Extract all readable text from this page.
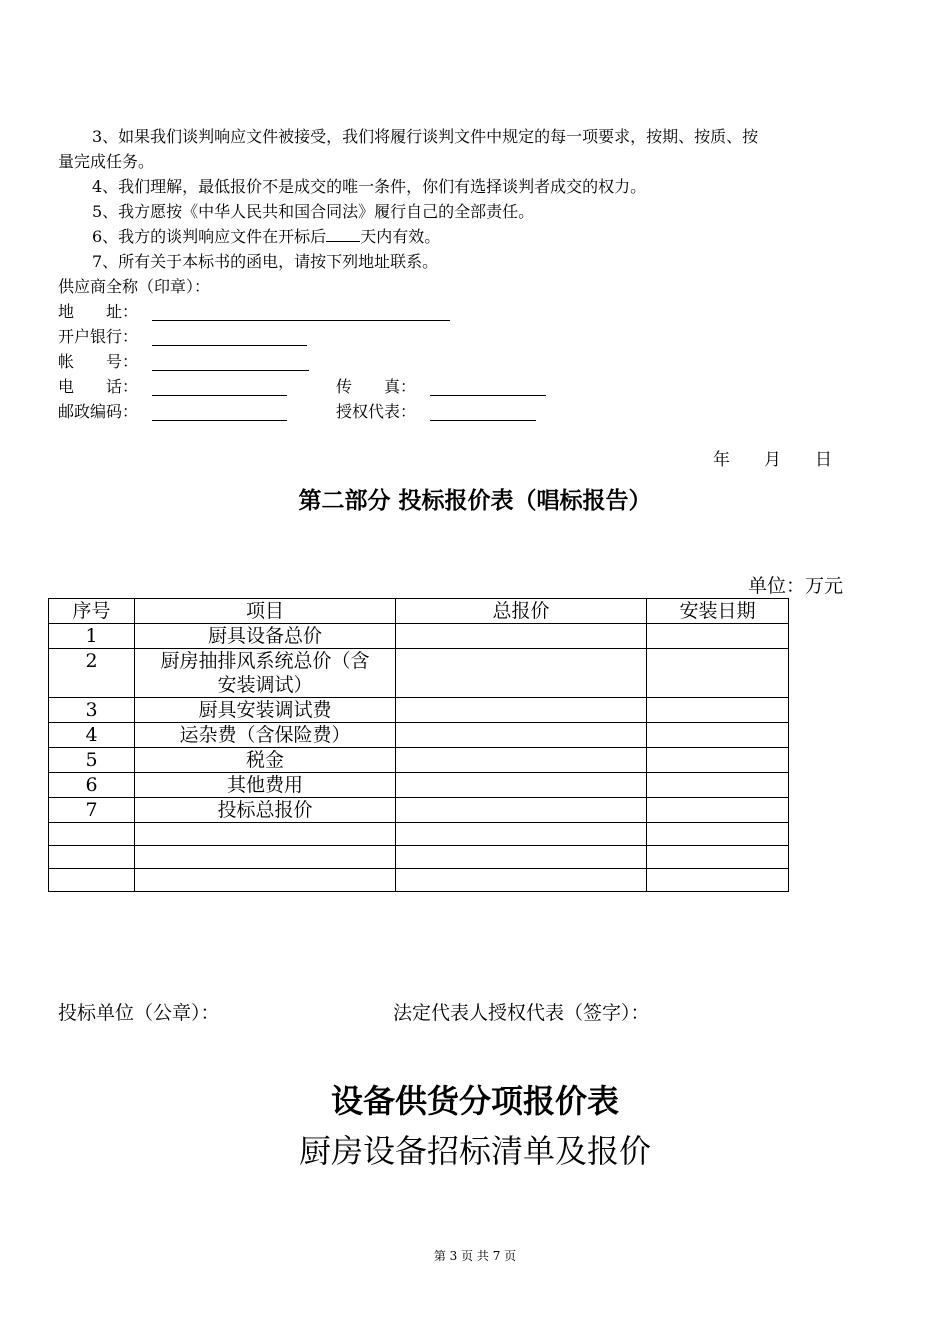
3、如果我们谈判响应文件被接受，我们将履行谈判文件中规定的每一项要求，按期、按质、按
量完成任务。
4、我们理解，最低报价不是成交的唯一条件，你们有选择谈判者成交的权力。
5、我方愿按《中华人民共和国合同法》履行自己的全部责任。
6、我方的谈判响应文件在开标后 天内有效。
7、所有关于本标书的函电，请按下列地址联系。
供应商全称（印章）：
地　　址：
开户银行：
帐　　号：
电　　话：	传　　真：
邮政编码：	授权代表：
年　　月　　日
第二部分 投标报价表（唱标报告）
单位：万元
序号	项目	总报价	安装日期
1	厨具设备总价		
2	厨房抽排风系统总价（含
安装调试）		

3	厨具安装调试费		
4	运杂费（含保险费）		
5	税金		
6	其他费用		
7	投标总报价		

投标单位（公章）：	法定代表人授权代表（签字）：
设备供货分项报价表
厨房设备招标清单及报价
第 3 页 共 7 页
